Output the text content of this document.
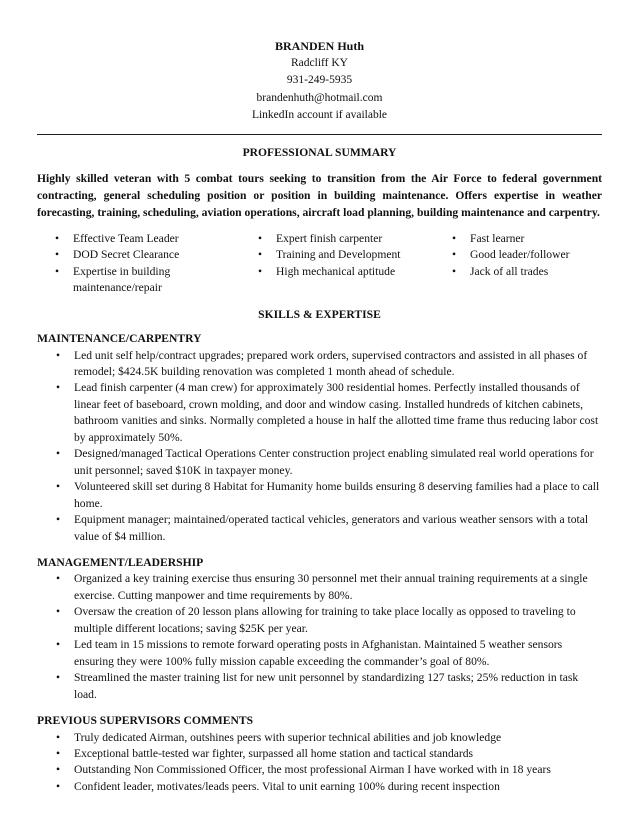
BRANDEN Huth
Radcliff KY
931-249-5935
brandenhuth@hotmail.com
LinkedIn account if available
PROFESSIONAL SUMMARY
Highly skilled veteran with 5 combat tours seeking to transition from the Air Force to federal government contracting, general scheduling position or position in building maintenance. Offers expertise in weather forecasting, training, scheduling, aviation operations, aircraft load planning, building maintenance and carpentry.
• Effective Team Leader
• DOD Secret Clearance
• Expertise in building maintenance/repair
• Expert finish carpenter
• Training and Development
• High mechanical aptitude
• Fast learner
• Good leader/follower
• Jack of all trades
SKILLS & EXPERTISE
MAINTENANCE/CARPENTRY
• Led unit self help/contract upgrades; prepared work orders, supervised contractors and assisted in all phases of remodel; $424.5K building renovation was completed 1 month ahead of schedule.
• Lead finish carpenter (4 man crew) for approximately 300 residential homes. Perfectly installed thousands of linear feet of baseboard, crown molding, and door and window casing. Installed hundreds of kitchen cabinets, bathroom vanities and sinks. Normally completed a house in half the allotted time frame thus reducing labor cost by approximately 50%.
• Designed/managed Tactical Operations Center construction project enabling simulated real world operations for unit personnel; saved $10K in taxpayer money.
• Volunteered skill set during 8 Habitat for Humanity home builds ensuring 8 deserving families had a place to call home.
• Equipment manager; maintained/operated tactical vehicles, generators and various weather sensors with a total value of $4 million.
MANAGEMENT/LEADERSHIP
• Organized a key training exercise thus ensuring 30 personnel met their annual training requirements at a single exercise. Cutting manpower and time requirements by 80%.
• Oversaw the creation of 20 lesson plans allowing for training to take place locally as opposed to traveling to multiple different locations; saving $25K per year.
• Led team in 15 missions to remote forward operating posts in Afghanistan. Maintained 5 weather sensors ensuring they were 100% fully mission capable exceeding the commander’s goal of 80%.
• Streamlined the master training list for new unit personnel by standardizing 127 tasks; 25% reduction in task load.
PREVIOUS SUPERVISORS COMMENTS
• Truly dedicated Airman, outshines peers with superior technical abilities and job knowledge
• Exceptional battle-tested war fighter, surpassed all home station and tactical standards
• Outstanding Non Commissioned Officer, the most professional Airman I have worked with in 18 years
• Confident leader, motivates/leads peers. Vital to unit earning 100% during recent inspection
